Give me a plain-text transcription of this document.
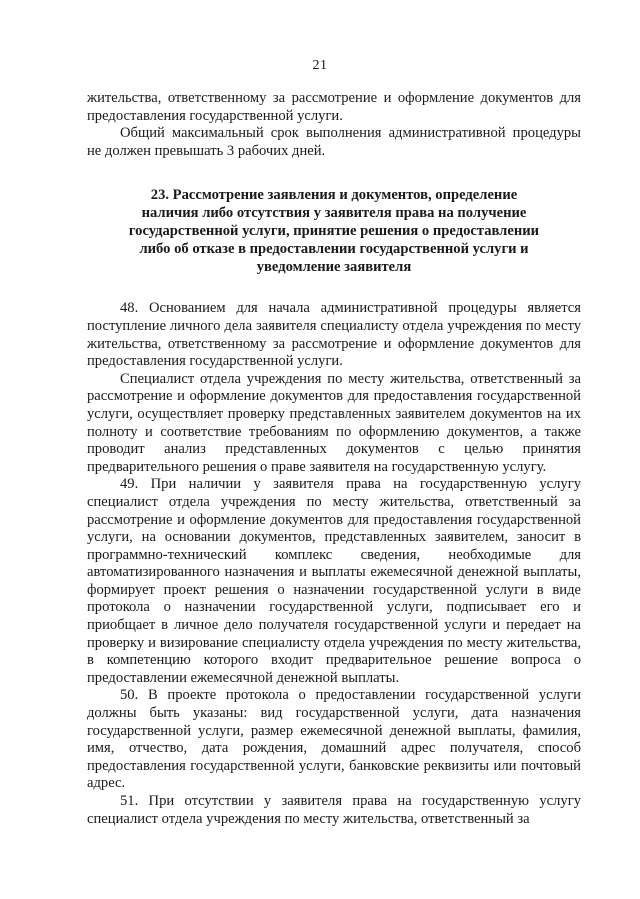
21

жительства, ответственному за рассмотрение и оформление документов для предоставления государственной услуги.

Общий максимальный срок выполнения административной процедуры не должен превышать 3 рабочих дней.

23. Рассмотрение заявления и документов, определение
наличия либо отсутствия у заявителя права на получение
государственной услуги, принятие решения о предоставлении
либо об отказе в предоставлении государственной услуги и
уведомление заявителя

48. Основанием для начала административной процедуры является поступление личного дела заявителя специалисту отдела учреждения по месту жительства, ответственному за рассмотрение и оформление документов для предоставления государственной услуги.

Специалист отдела учреждения по месту жительства, ответственный за рассмотрение и оформление документов для предоставления государственной услуги, осуществляет проверку представленных заявителем документов на их полноту и соответствие требованиям по оформлению документов, а также проводит анализ представленных документов с целью принятия предварительного решения о праве заявителя на государственную услугу.

49. При наличии у заявителя права на государственную услугу специалист отдела учреждения по месту жительства, ответственный за рассмотрение и оформление документов для предоставления государственной услуги, на основании документов, представленных заявителем, заносит в программно-технический комплекс сведения, необходимые для автоматизированного назначения и выплаты ежемесячной денежной выплаты, формирует проект решения о назначении государственной услуги в виде протокола о назначении государственной услуги, подписывает его и приобщает в личное дело получателя государственной услуги и передает на проверку и визирование специалисту отдела учреждения по месту жительства, в компетенцию которого входит предварительное решение вопроса о предоставлении ежемесячной денежной выплаты.

50. В проекте протокола о предоставлении государственной услуги должны быть указаны: вид государственной услуги, дата назначения государственной услуги, размер ежемесячной денежной выплаты, фамилия, имя, отчество, дата рождения, домашний адрес получателя, способ предоставления государственной услуги, банковские реквизиты или почтовый адрес.

51. При отсутствии у заявителя права на государственную услугу специалист отдела учреждения по месту жительства, ответственный за
